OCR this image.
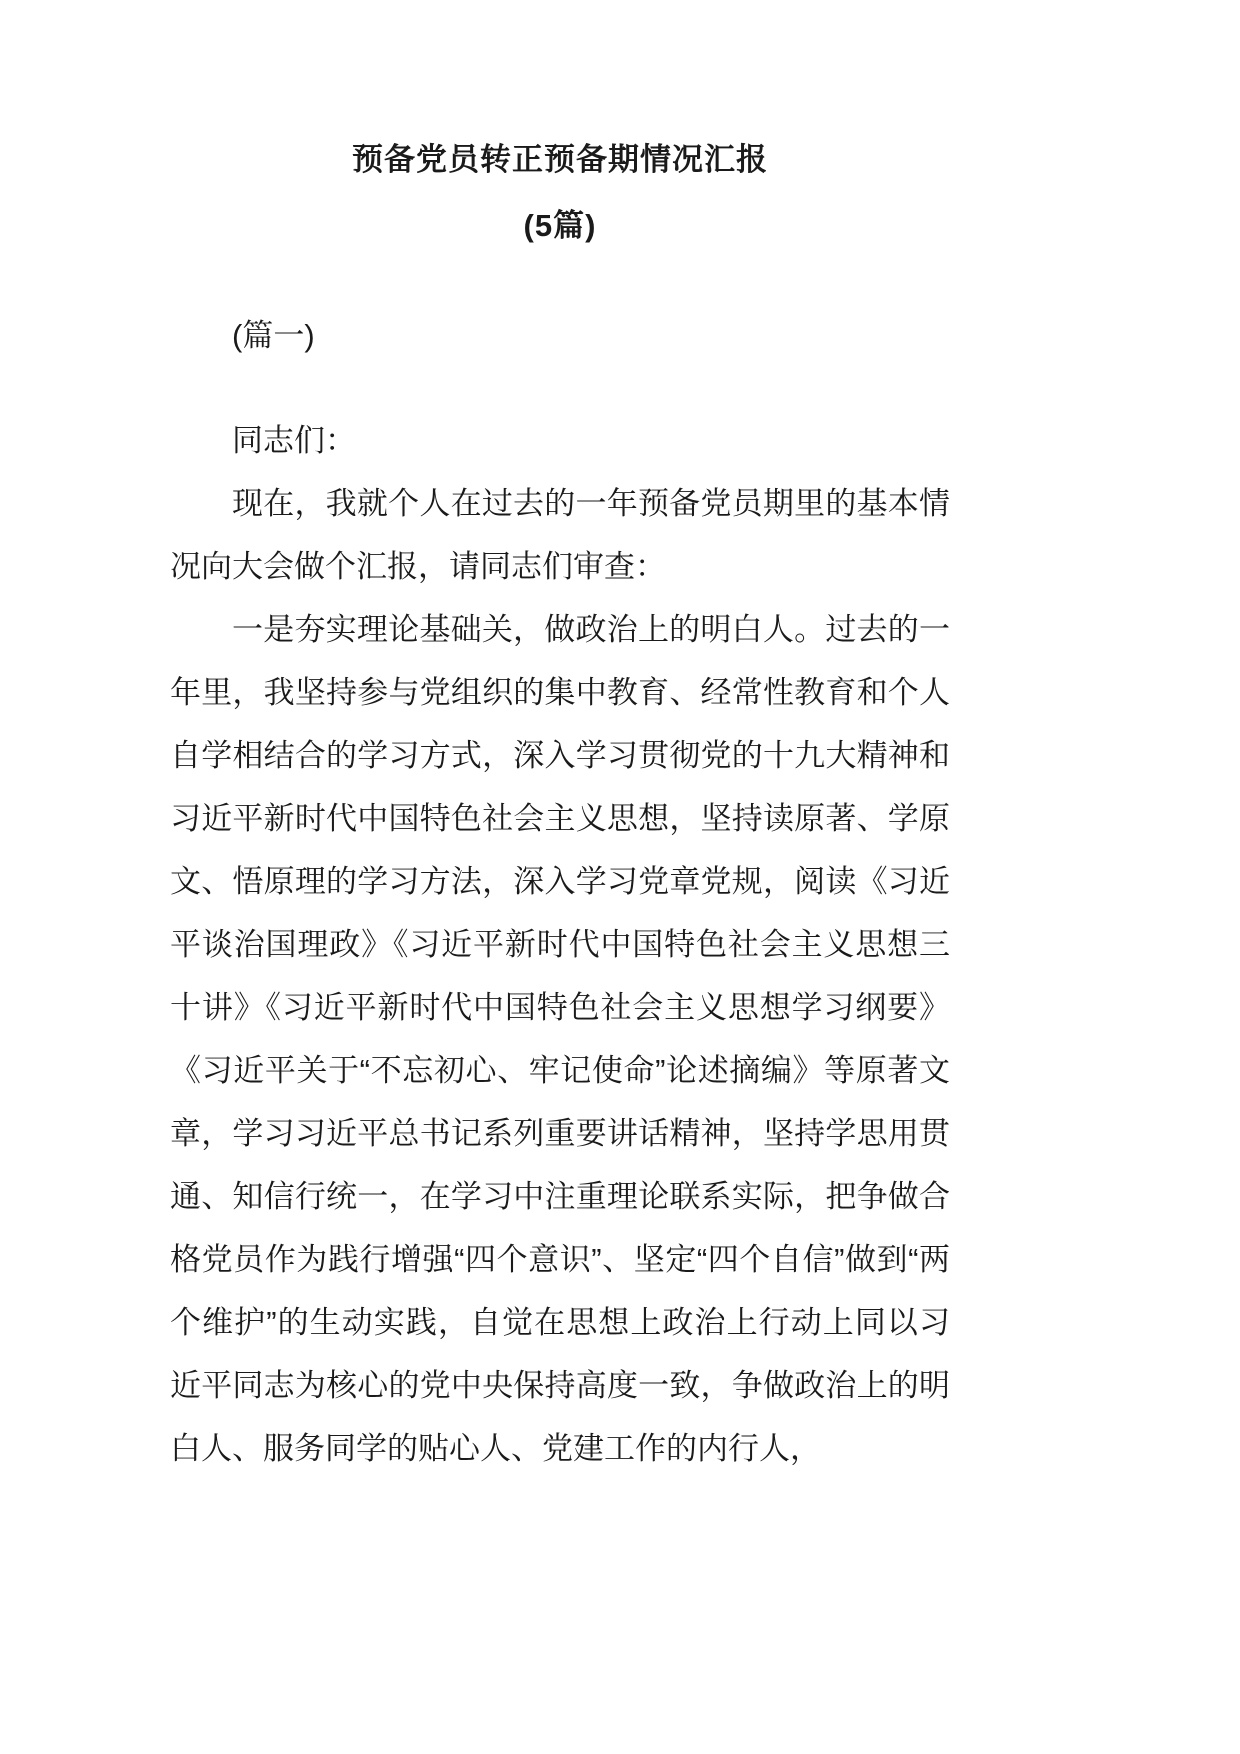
预备党员转正预备期情况汇报
(5篇)

(篇一)

同志们：

现在，我就个人在过去的一年预备党员期里的基本情况向大会做个汇报，请同志们审查：

一是夯实理论基础关，做政治上的明白人。过去的一年里，我坚持参与党组织的集中教育、经常性教育和个人自学相结合的学习方式，深入学习贯彻党的十九大精神和习近平新时代中国特色社会主义思想，坚持读原著、学原文、悟原理的学习方法，深入学习党章党规，阅读《习近平谈治国理政》《习近平新时代中国特色社会主义思想三十讲》《习近平新时代中国特色社会主义思想学习纲要》《习近平关于“不忘初心、牢记使命”论述摘编》等原著文章，学习习近平总书记系列重要讲话精神，坚持学思用贯通、知信行统一，在学习中注重理论联系实际，把争做合格党员作为践行增强“四个意识”、坚定“四个自信”做到“两个维护”的生动实践，自觉在思想上政治上行动上同以习近平同志为核心的党中央保持高度一致，争做政治上的明白人、服务同学的贴心人、党建工作的内行人，
